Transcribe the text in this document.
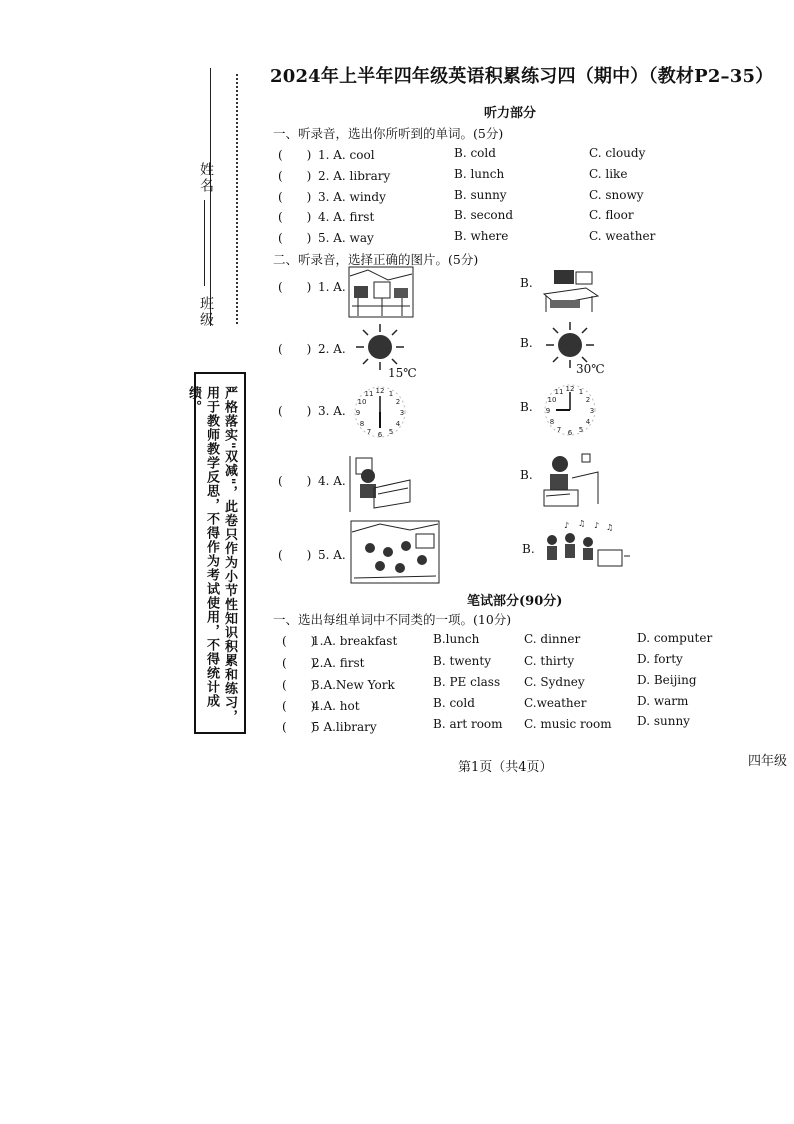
2024年上半年四年级英语积累练习四（期中）（教材P2–35）
姓名
班级
严格落实"双减"，此卷只作为小节性知识积累和练习，用于教师教学反思，不得作为考试使用，不得统计成绩。
听力部分
一、听录音，选出你所听到的单词。(5分)
(　　) 1. A. cool	B. cold	C. cloudy
(　　) 2. A. library	B. lunch	C. like
(　　) 3. A. windy	B. sunny	C. snowy
(　　) 4. A. first	B. second	C. floor
(　　) 5. A. way	B. where	C. weather
二、听录音，选择正确的图片。(5分)
(　　) 1. A.	B.
(　　) 2. A.
15℃
B.
30℃
(　　) 3. A.
12
3
6
9
1
2
4
5
7
8
10
11
B.
12
3
6
9
1
2
4
5
7
8
10
11
(　　) 4. A.	B.
(　　) 5. A.	B.
♪ ♫ ♪ ♫
笔试部分(90分)
一、选出每组单词中不同类的一项。(10分)
(　　)1.A. breakfast	B.lunch	C. dinner	D. computer
(　　)2.A. first	B. twenty	C. thirty	D. forty
(　　)3.A.New York	B. PE class C. Sydney	D. Beijing
(　　)4.A. hot	B. cold	C.weather	D. warm
(　　)5 A.library	B. art room C. music room D. sunny
第1页（共4页）	四年级
